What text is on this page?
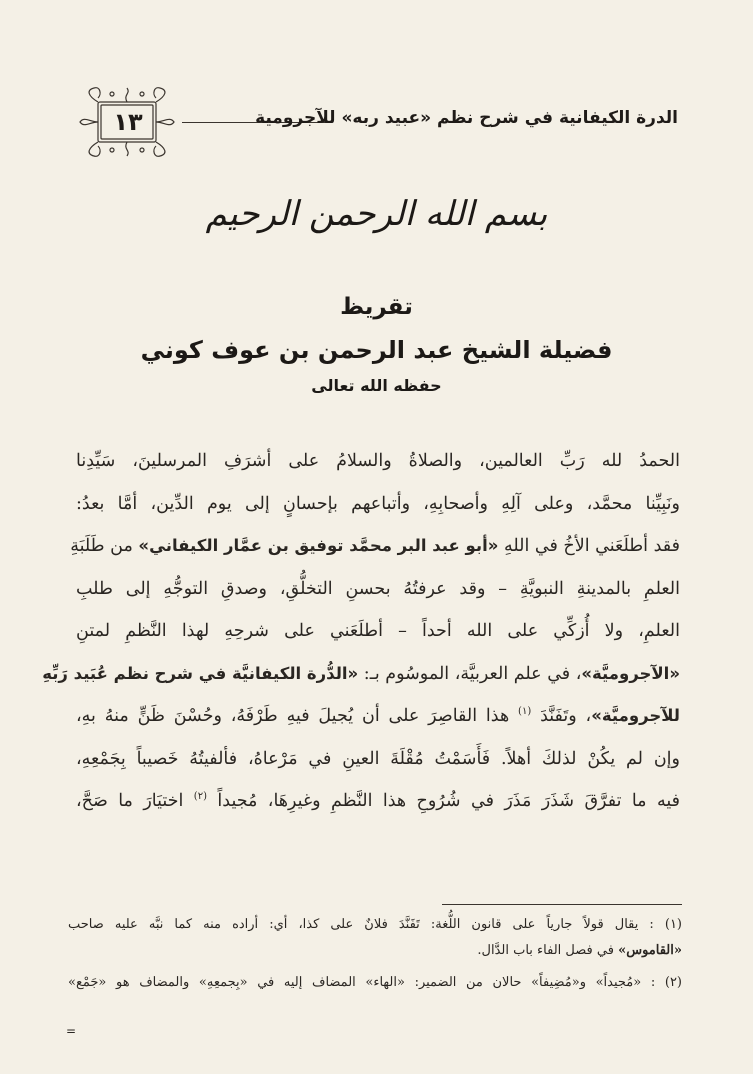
١٣	الدرة الكيفانية في شرح نظم «عبيد ربه» للآجرومية
بسم الله الرحمن الرحيم
تقريظ
فضيلة الشيخ عبد الرحمن بن عوف كوني
حفظه الله تعالى
الحمدُ لله رَبِّ العالمين، والصلاةُ والسلامُ على أشرَفِ المرسلينَ، سَيِّدِنا
ونَبِيِّنا محمَّد، وعلى آلِهِ وأصحابِهِ، وأتباعهم بإحسانٍ إلى يوم الدِّين، أمَّا بعدُ:
فقد أطلَعَني الأخُ في اللهِ «أبو عبد البر محمَّد توفيق بن عمَّار الكيفاني» من طَلَبَةِ
العلمِ بالمدينةِ النبويَّةِ – وقد عرفتُهُ بحسنِ التخلُّقِ، وصدقِ التوجُّهِ إلى طلبِ
العلمِ، ولا أُزكِّي على الله أحداً – أطلَعَني على شرحِهِ لهذا النَّظمِ لمتنِ
«الآجروميَّة»، في علم العربيَّة، الموسُوم بـ: «الدُّرة الكيفانيَّة في شرح نظم عُبَيد رَبِّهِ
للآجروميَّة»، وتَفَنَّدَ $^{(١)}$ هذا القاصِرَ على أن يُجيلَ فيهِ طَرْفَهُ، وحُسْنَ ظَنٍّ منهُ بهِ،
وإن لم يكُنْ لذلكَ أهلاً. فَأَسَمْتُ مُقْلَةَ العينِ في مَرْعاهُ، فألفيتُهُ خَصيباً بِجَمْعِهِ،
فيه ما تفرَّقَ شَذَرَ مَذَرَ في شُرُوحِ هذا النَّظمِ وغيرِهَا، مُجيداً $^{(٢)}$ اختيَارَ ما صَحَّ،
(١) : يقال قولاً جارياً على قانون اللُّغة: تَفَنَّدَ فلانٌ على كذا، أي: أراده منه كما نبَّه عليه صاحب
«القاموس» في فصل الفاء باب الدَّال.
(٢) : «مُجيداً» و«مُضِيفاً» حالان من الضمير: «الهاء» المضاف إليه في «بِجمعِهِ» والمضاف هو «جَمْع»
=
